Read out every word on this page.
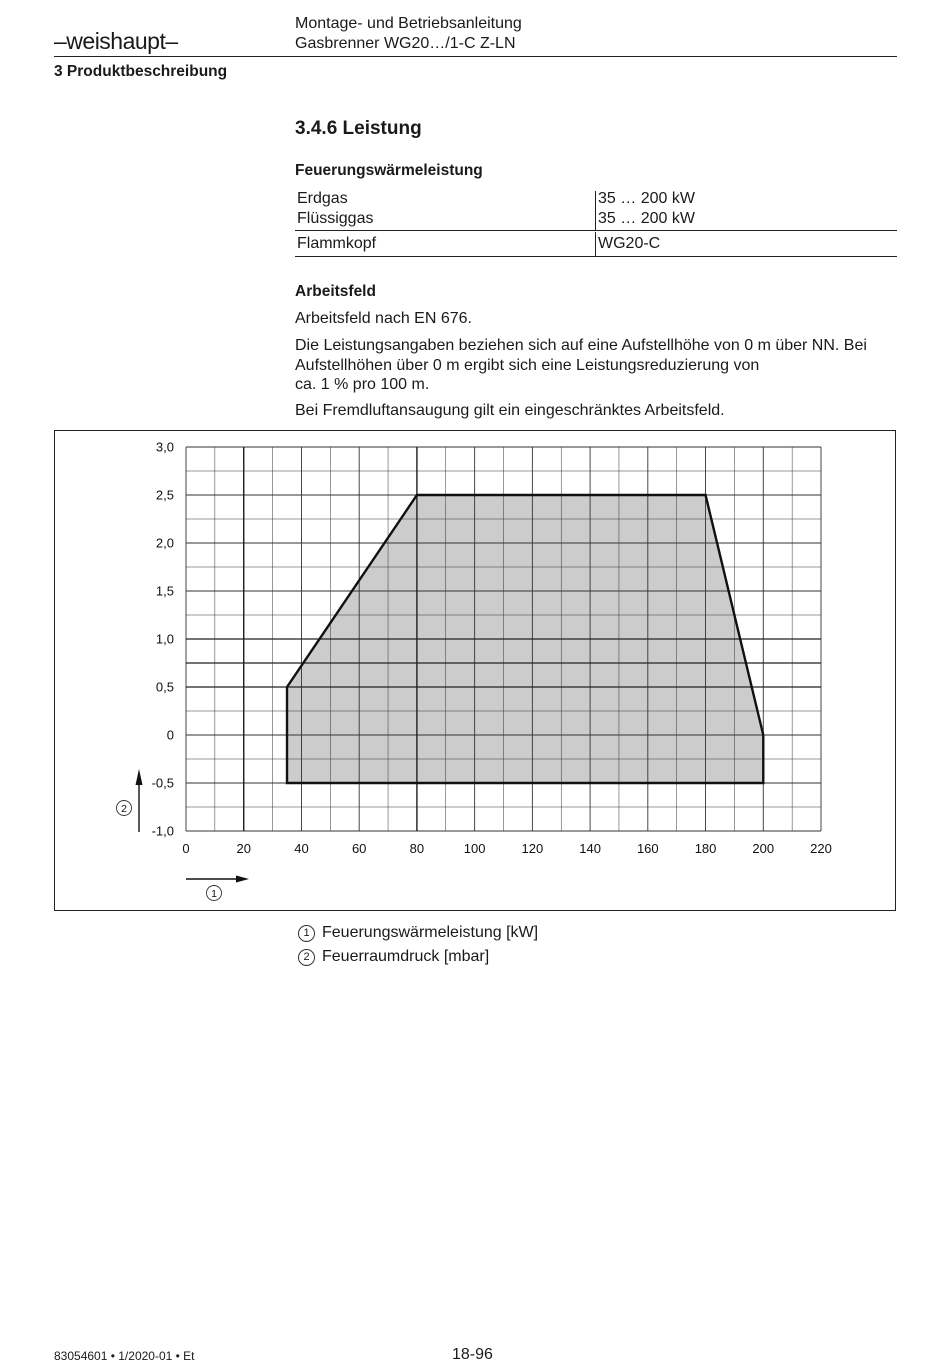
–weishaupt–
Montage- und Betriebsanleitung
Gasbrenner WG20…/1-C Z-LN
3 Produktbeschreibung
3.4.6 Leistung
Feuerungswärmeleistung
Erdgas	35 … 200 kW
Flüssiggas	35 … 200 kW
Flammkopf	WG20-C
Arbeitsfeld
Arbeitsfeld nach EN 676.
Die Leistungsangaben beziehen sich auf eine Aufstellhöhe von 0 m über NN. Bei
Aufstellhöhen über 0 m ergibt sich eine Leistungsreduzierung von
ca. 1 % pro 100 m.
Bei Fremdluftansaugung gilt ein eingeschränktes Arbeitsfeld.
0	20	40	60	80	100	120	140	160	180	200	220
3,0
2,5
2,0
1,5
1,0
0,5
0
-0,5
-1,0
1
2
1 Feuerungswärmeleistung [kW]
2 Feuerraumdruck [mbar]
83054601 • 1/2020-01 • Et	18-96
